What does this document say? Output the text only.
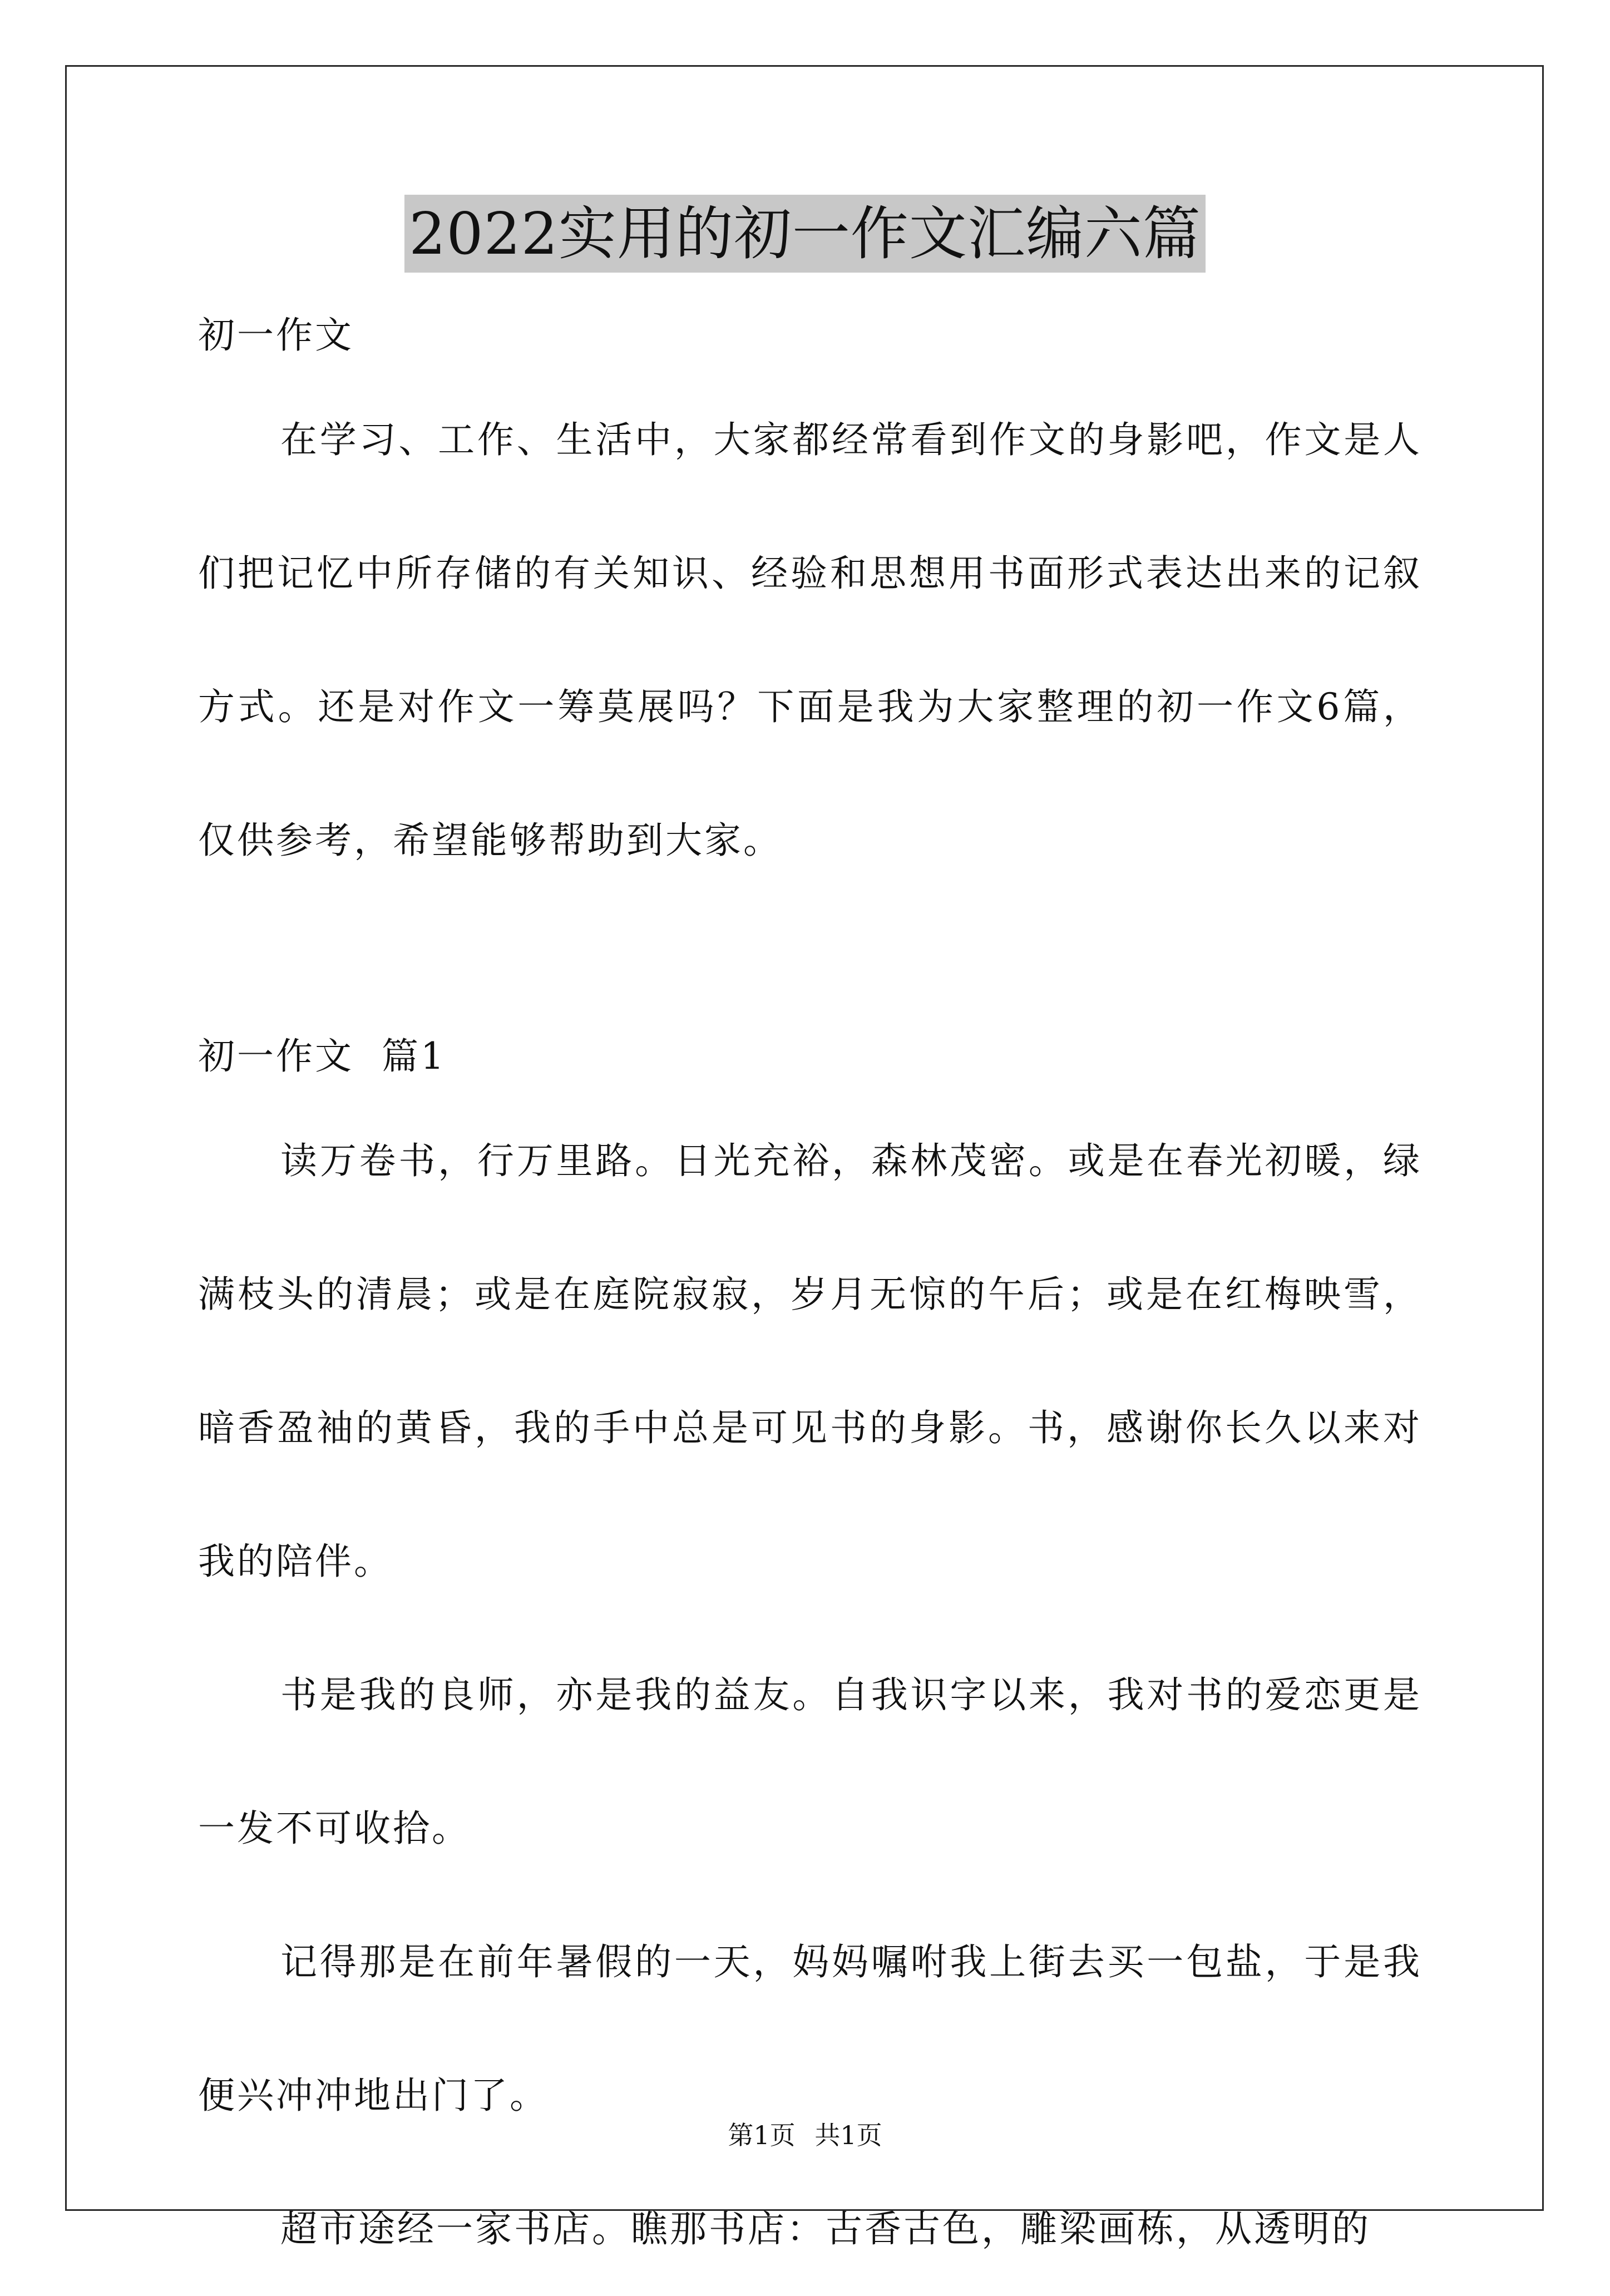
2022实用的初一作文汇编六篇

初一作文

在学习、工作、生活中，大家都经常看到作文的身影吧，作文是人们把记忆中所存储的有关知识、经验和思想用书面形式表达出来的记叙方式。还是对作文一筹莫展吗？下面是我为大家整理的初一作文6篇，仅供参考，希望能够帮助到大家。

初一作文  篇1

读万卷书，行万里路。日光充裕，森林茂密。或是在春光初暖，绿满枝头的清晨；或是在庭院寂寂，岁月无惊的午后；或是在红梅映雪，暗香盈袖的黄昏，我的手中总是可见书的身影。书，感谢你长久以来对我的陪伴。

书是我的良师，亦是我的益友。自我识字以来，我对书的爱恋更是一发不可收拾。

记得那是在前年暑假的一天，妈妈嘱咐我上街去买一包盐，于是我便兴冲冲地出门了。

超市途经一家书店。瞧那书店：古香古色，雕梁画栋，从透明的

第1页 共1页
